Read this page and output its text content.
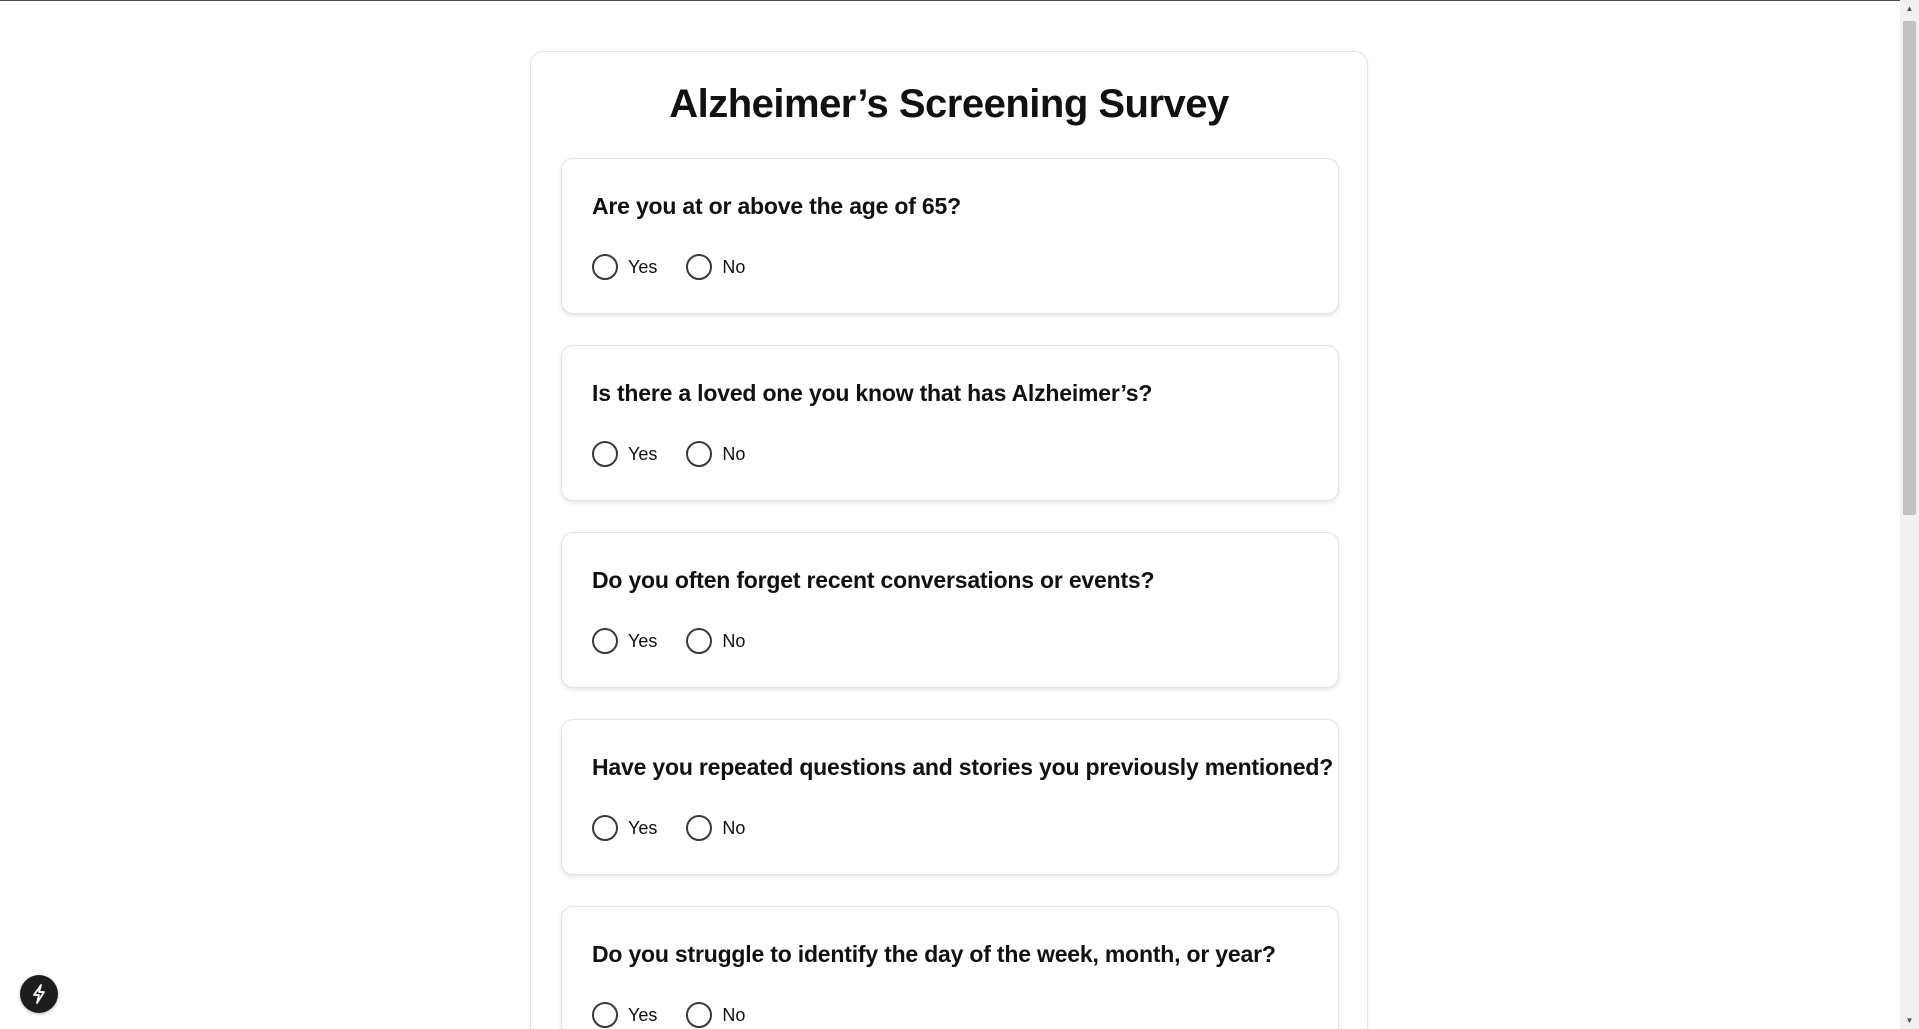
Alzheimer’s Screening Survey

Are you at or above the age of 65?

Yes	No

Is there a loved one you know that has Alzheimer’s?

Yes	No

Do you often forget recent conversations or events?

Yes	No

Have you repeated questions and stories you previously mentioned?

Yes	No

Do you struggle to identify the day of the week, month, or year?

Yes	No
▲
▼
